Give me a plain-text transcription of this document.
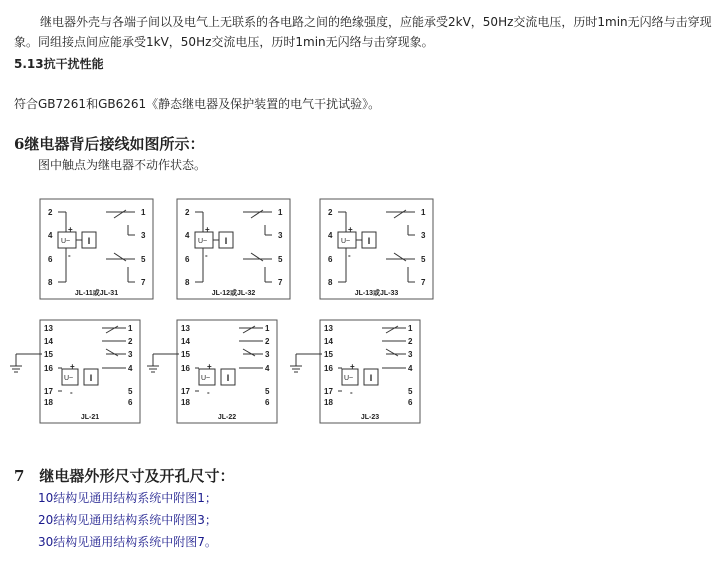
继电器外壳与各端子间以及电气上无联系的各电路之间的绝缘强度，应能承受2kV，50Hz交流电压，历时1min无闪络与击穿现
象。同组接点间应能承受1kV，50Hz交流电压，历时1min无闪络与击穿现象。
5.13抗干扰性能
符合GB7261和GB6261《静态继电器及保护装置的电气干扰试验》。
6继电器背后接线如图所示：
图中触点为继电器不动作状态。
2	1
4	3
6	5
8	7
U~
+
-
I
JL-11或JL-31
2	1
4	3
6	5
8	7
U~
+
-
I
JL-12或JL-32
2	1
4	3
6	5
8	7
U~
+
-
I
JL-13或JL-33
13
14
15
16
17
18
1
2
3
4
5
6
U~
+
-
I
JL-21
13
14
15
16
17
18
1
2
3
4
5
6
U~
+
-
I
JL-22
13
14
15
16
17
18
1
2
3
4
5
6
U~
+
-
I
JL-23
7　继电器外形尺寸及开孔尺寸：
10结构见通用结构系统中附图1；
20结构见通用结构系统中附图3；
30结构见通用结构系统中附图7。
